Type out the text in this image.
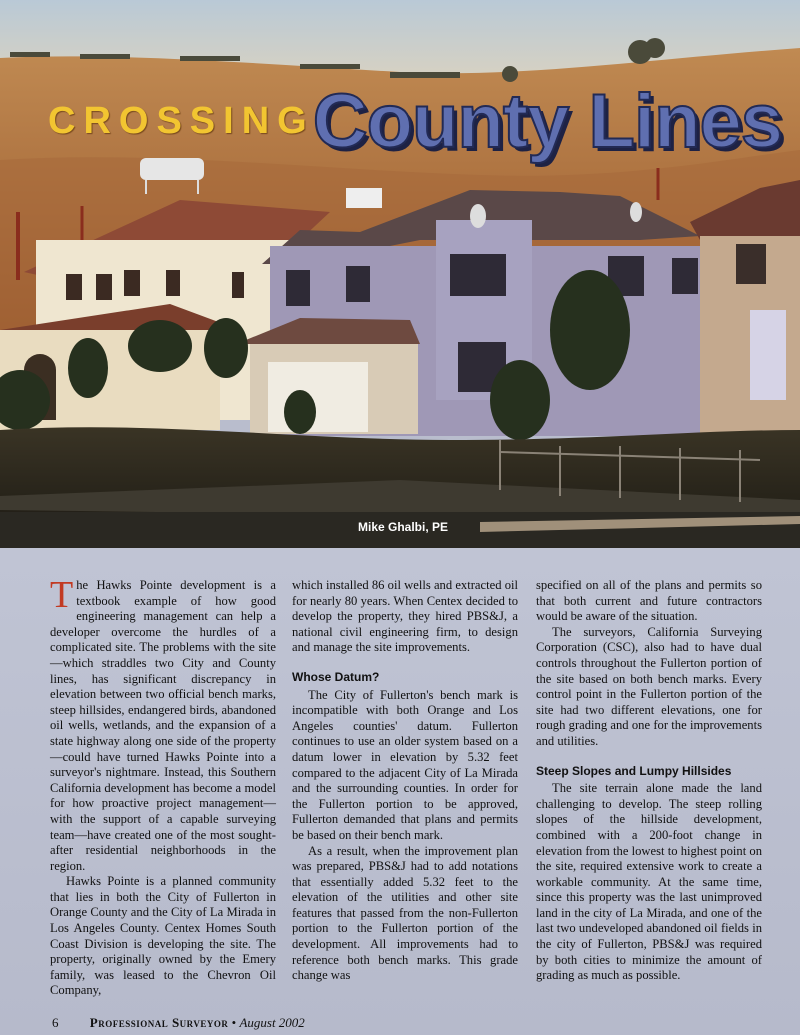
CROSSING County Lines
Mike Ghalbi, PE

The Hawks Pointe development is a textbook example of how good engineering management can help a developer overcome the hurdles of a complicated site. The problems with the site—which straddles two City and County lines, has significant discrepancy in elevation between two official bench marks, steep hillsides, endangered birds, abandoned oil wells, wetlands, and the expansion of a state highway along one side of the property—could have turned Hawks Pointe into a surveyor's nightmare. Instead, this Southern California development has become a model for how proactive project management—with the support of a capable surveying team—have created one of the most sought-after residential neighborhoods in the region.

Hawks Pointe is a planned community that lies in both the City of Fullerton in Orange County and the City of La Mirada in Los Angeles County. Centex Homes South Coast Division is developing the site. The property, originally owned by the Emery family, was leased to the Chevron Oil Company,

which installed 86 oil wells and extracted oil for nearly 80 years. When Centex decided to develop the property, they hired PBS&J, a national civil engineering firm, to design and manage the site improvements.

Whose Datum?

The City of Fullerton's bench mark is incompatible with both Orange and Los Angeles counties' datum. Fullerton continues to use an older system based on a datum lower in elevation by 5.32 feet compared to the adjacent City of La Mirada and the surrounding counties. In order for the Fullerton portion to be approved, Fullerton demanded that plans and permits be based on their bench mark.

As a result, when the improvement plan was prepared, PBS&J had to add notations that essentially added 5.32 feet to the elevation of the utilities and other site features that passed from the non-Fullerton portion to the Fullerton portion of the development. All improvements had to reference both bench marks. This grade change was

specified on all of the plans and permits so that both current and future contractors would be aware of the situation.

The surveyors, California Surveying Corporation (CSC), also had to have dual controls throughout the Fullerton portion of the site based on both bench marks. Every control point in the Fullerton portion of the site had two different elevations, one for rough grading and one for the improvements and utilities.

Steep Slopes and Lumpy Hillsides

The site terrain alone made the land challenging to develop. The steep rolling slopes of the hillside development, combined with a 200-foot change in elevation from the lowest to highest point on the site, required extensive work to create a workable community. At the same time, since this property was the last unimproved land in the city of La Mirada, and one of the last two undeveloped abandoned oil fields in the city of Fullerton, PBS&J was required by both cities to minimize the amount of grading as much as possible.

6 Professional Surveyor • August 2002
